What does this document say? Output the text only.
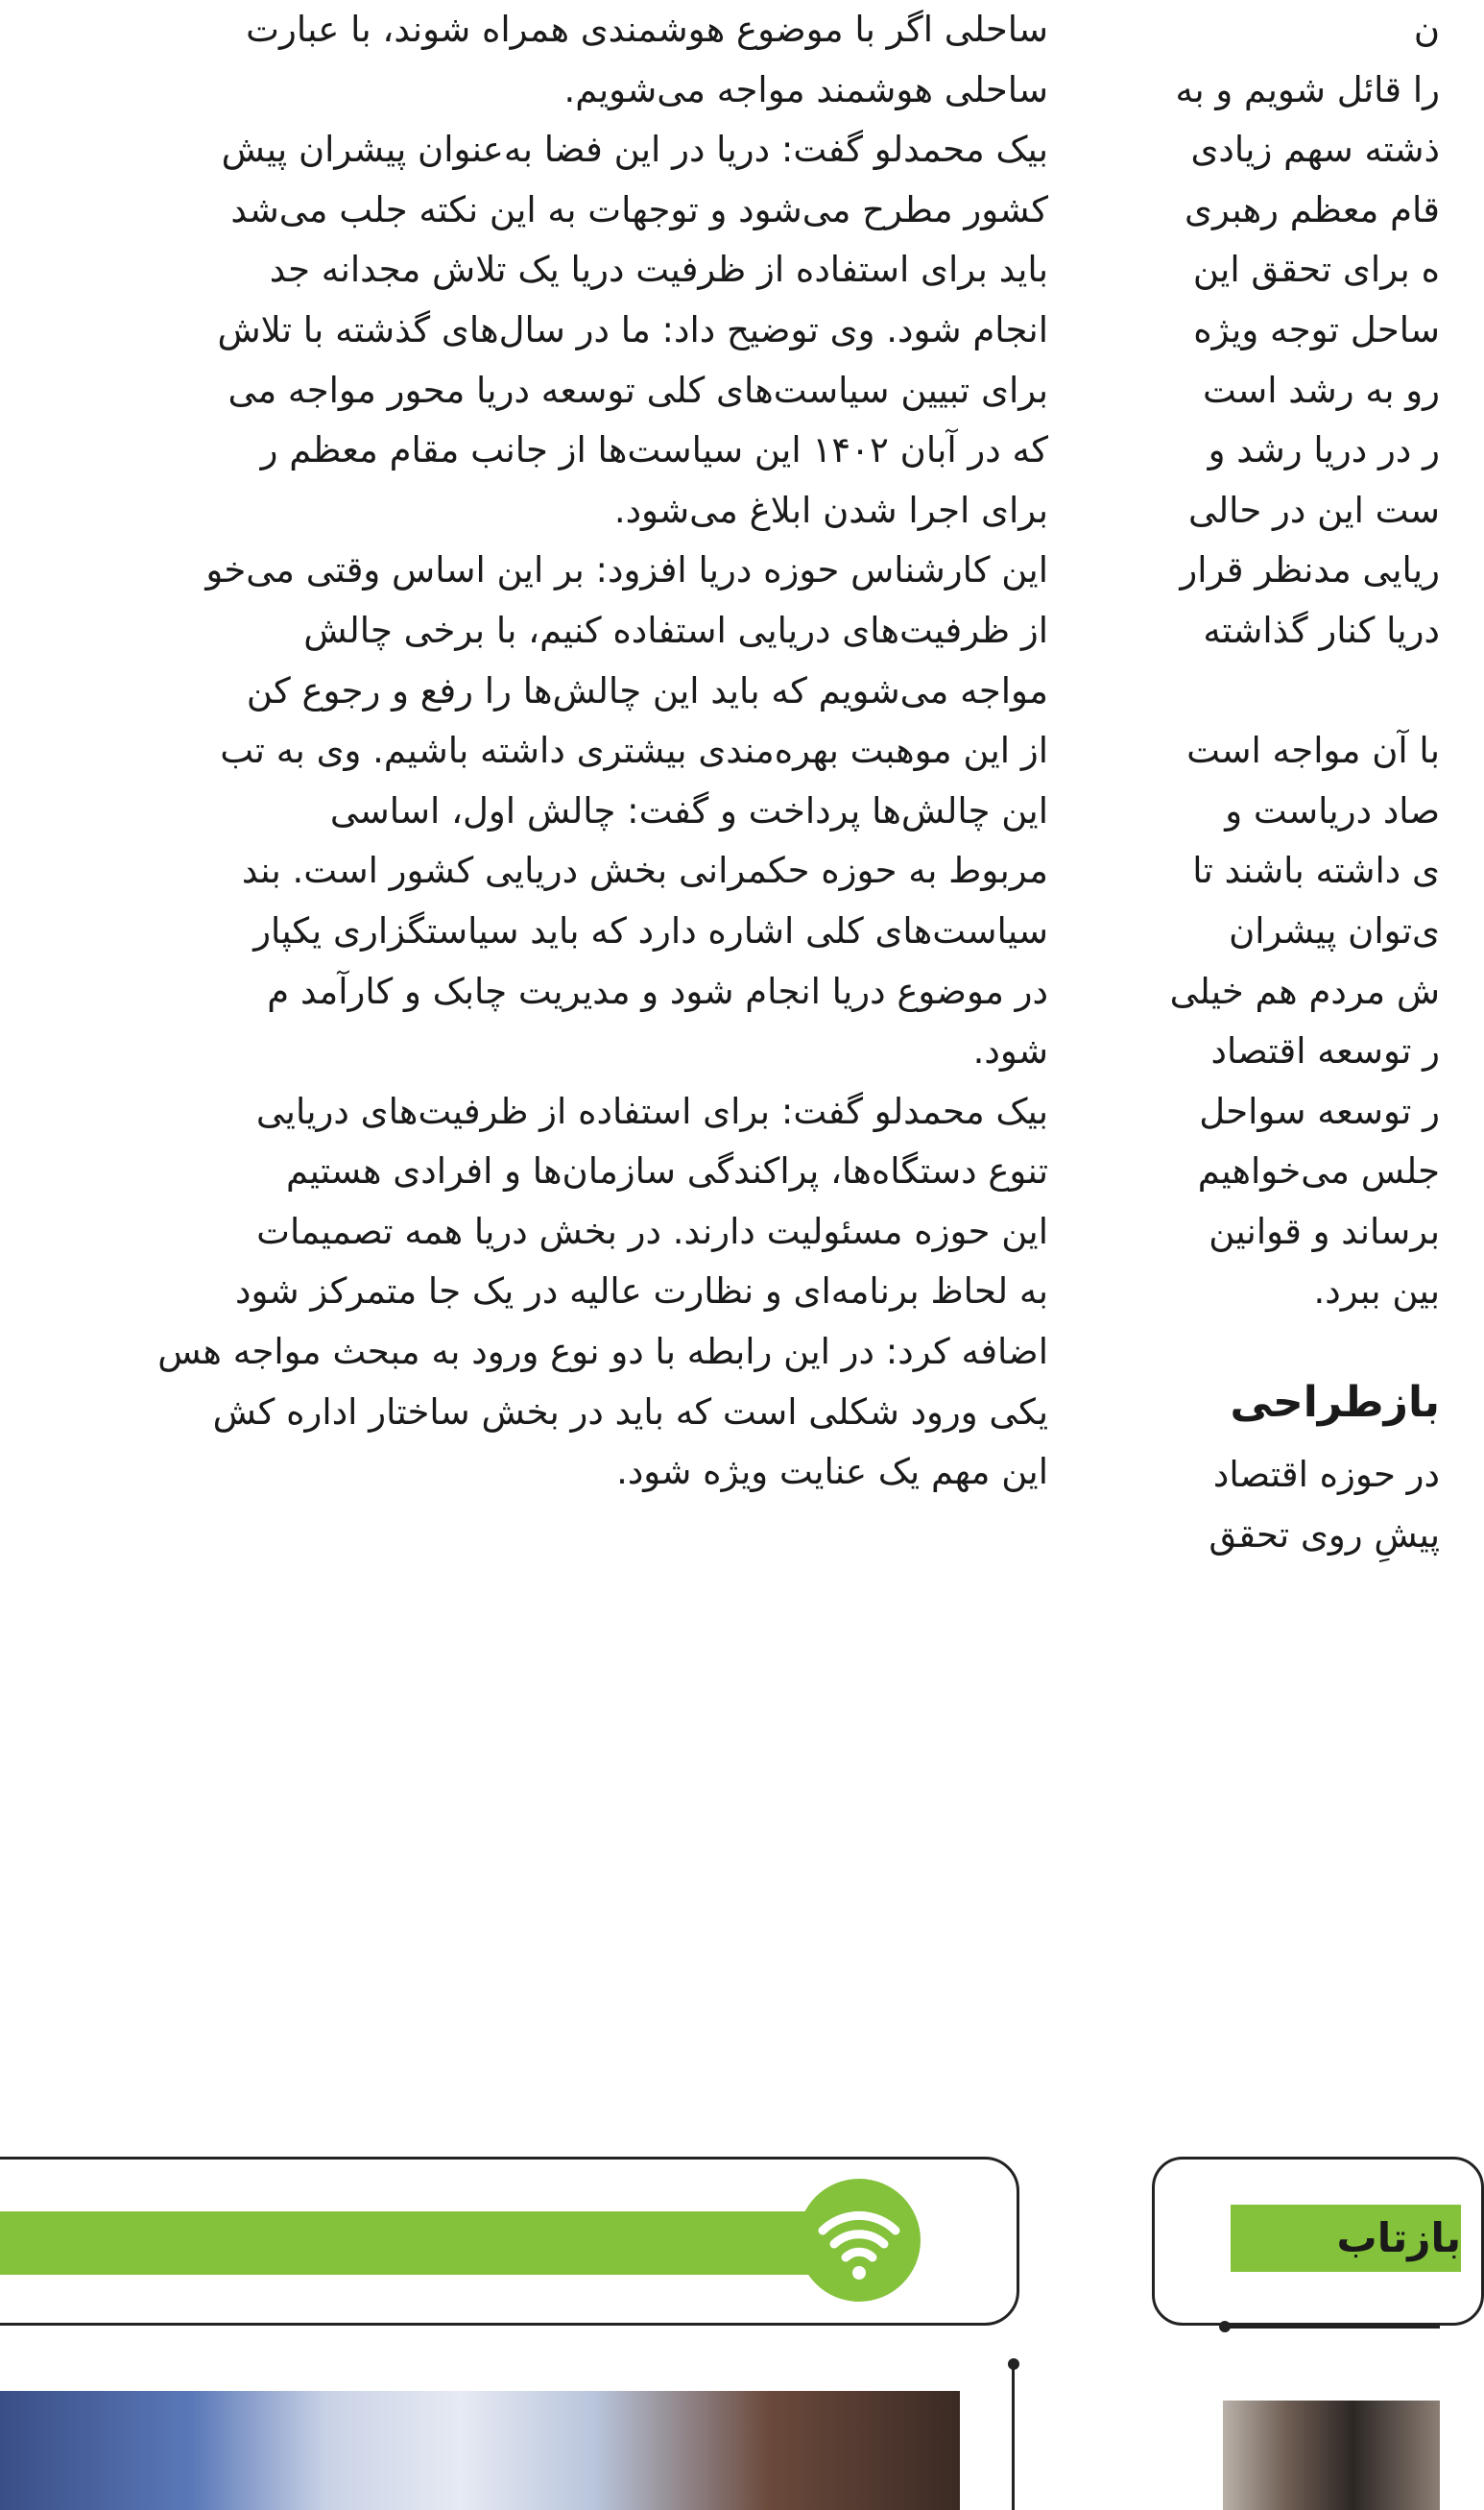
ساحلی اگر با موضوع هوشمندی همراه شوند، با عبارت
ساحلی هوشمند مواجه می‌شویم.

بیک محمدلو گفت: دریا در این فضا به‌عنوان پیشران پیش
کشور مطرح می‌شود و توجهات به این نکته جلب می‌شد
باید برای استفاده از ظرفیت دریا یک تلاش مجدانه جد
انجام شود. وی توضیح داد: ما در سال‌های گذشته با تلاش
برای تبیین سیاست‌های کلی توسعه دریا محور مواجه می
که در آبان ۱۴۰۲ این سیاست‌ها از جانب مقام معظم ر
برای اجرا شدن ابلاغ می‌شود.

این کارشناس حوزه دریا افزود: بر این اساس وقتی می‌خو
از ظرفیت‌های دریایی استفاده کنیم، با برخی چالش
مواجه می‌شویم که باید این چالش‌ها را رفع و رجوع کن
از این موهبت بهره‌مندی بیشتری داشته باشیم. وی به تب
این چالش‌ها پرداخت و گفت: چالش اول، اساسی
مربوط به حوزه حکمرانی بخش دریایی کشور است. بند
سیاست‌های کلی اشاره دارد که باید سیاستگزاری یکپار
در موضوع دریا انجام شود و مدیریت چابک و کارآمد م
شود.

بیک محمدلو گفت: برای استفاده از ظرفیت‌های دریایی
تنوع دستگاه‌ها، پراکندگی سازمان‌ها و افرادی هستیم
این حوزه مسئولیت دارند. در بخش دریا همه تصمیمات
به لحاظ برنامه‌ای و نظارت عالیه در یک جا متمرکز شود
اضافه کرد: در این رابطه با دو نوع ورود به مبحث مواجه هس
یکی ورود شکلی است که باید در بخش ساختار اداره کش
این مهم یک عنایت ویژه شود.

ن
را قائل شویم و به
ذشته سهم زیادی
قام معظم رهبری
ه برای تحقق این
ساحل توجه ویژه
رو به رشد است
ر در دریا رشد و
ست این در حالی
ریایی مدنظر قرار
دریا کنار گذاشته
با آن مواجه است
صاد دریاست و
ی داشته باشند تا
ی‌توان پیشران
ش مردم هم خیلی
ر توسعه اقتصاد
ر توسعه سواحل
جلس می‌خواهیم
برساند و قوانین
بین ببرد.
بازطراحی
در حوزه اقتصاد
پیشِ روی تحقق
بازتاب
